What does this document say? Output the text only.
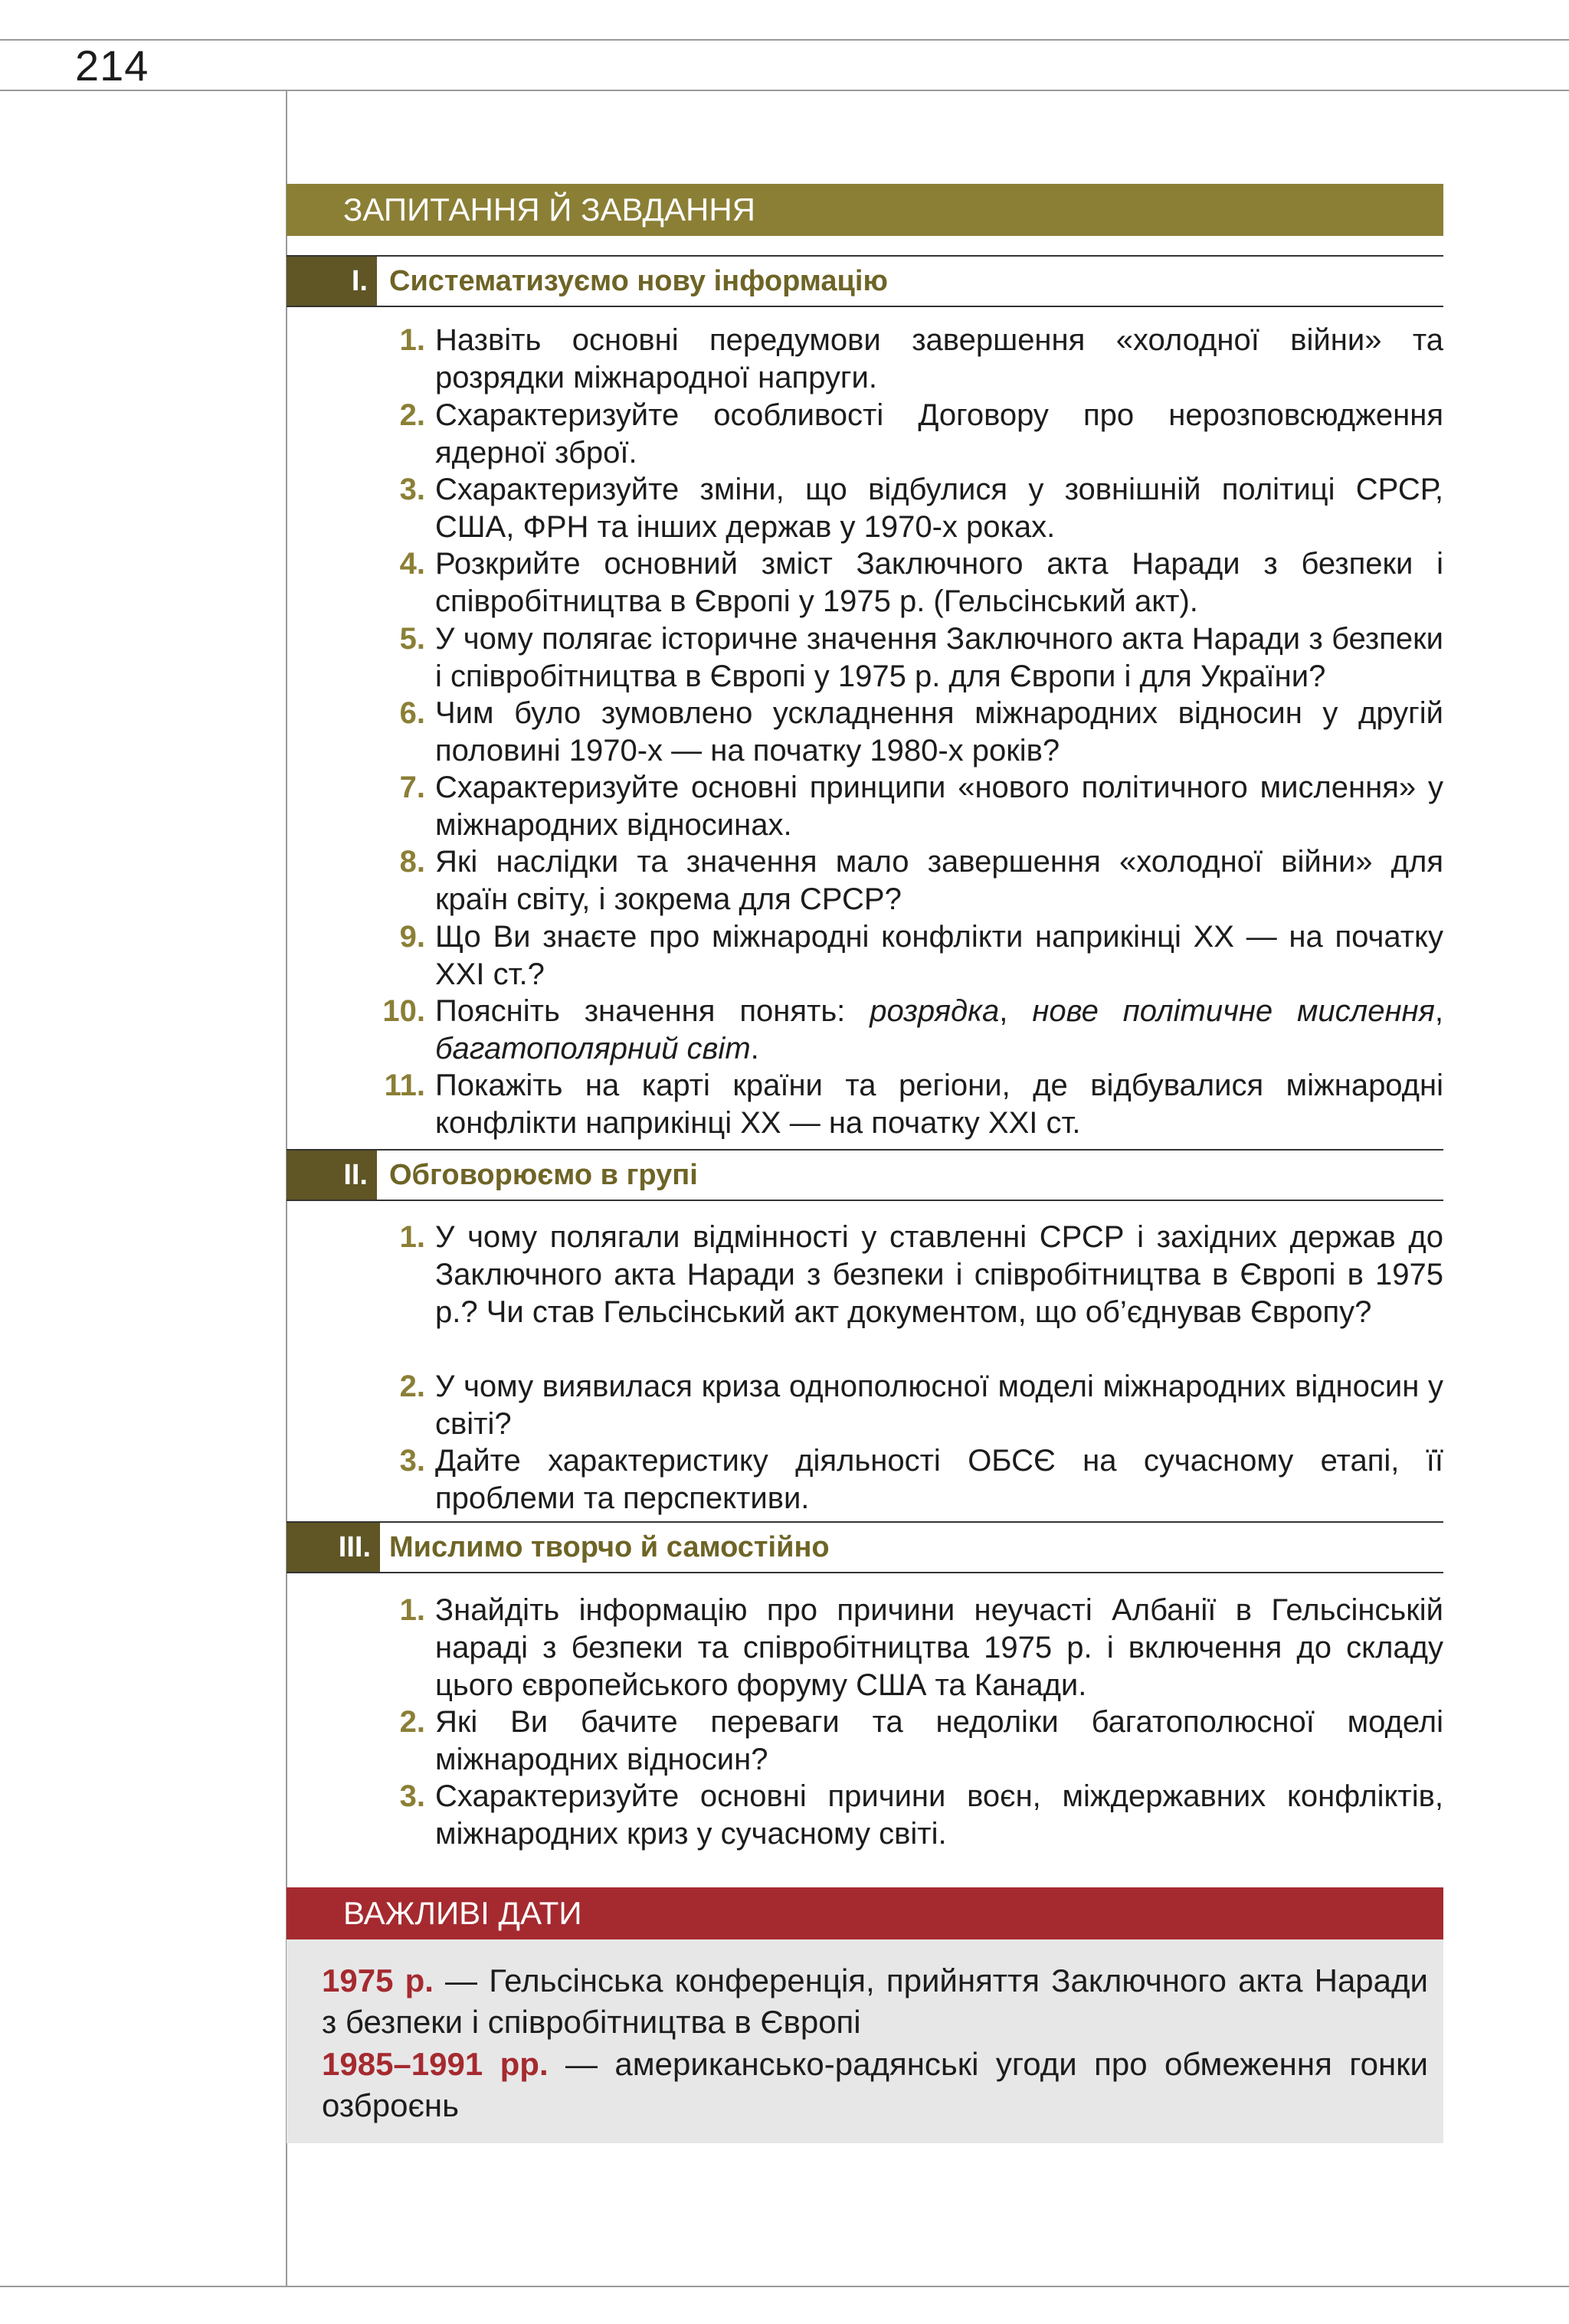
214
ЗАПИТАННЯ Й ЗАВДАННЯ
I. Систематизуємо нову інформацію
1. Назвіть основні передумови завершення «холодної війни» та розрядки міжнародної напруги.
2. Схарактеризуйте особливості Договору про нерозповсюдження ядерної зброї.
3. Схарактеризуйте зміни, що відбулися у зовнішній політиці СРСР, США, ФРН та інших держав у 1970-х роках.
4. Розкрийте основний зміст Заключного акта Наради з безпеки і співробітництва в Європі у 1975 р. (Гельсінський акт).
5. У чому полягає історичне значення Заключного акта Наради з безпеки і співробітництва в Європі у 1975 р. для Європи і для України?
6. Чим було зумовлено ускладнення міжнародних відносин у другій половині 1970-х — на початку 1980-х років?
7. Схарактеризуйте основні принципи «нового політичного мислення» у міжнародних відносинах.
8. Які наслідки та значення мало завершення «холодної війни» для країн світу, і зокрема для СРСР?
9. Що Ви знаєте про міжнародні конфлікти наприкінці ХХ — на початку ХХІ ст.?
10. Поясніть значення понять: розрядка, нове політичне мислення, багатополярний світ.
11. Покажіть на карті країни та регіони, де відбувалися міжнародні конфлікти наприкінці ХХ — на початку ХХІ ст.
II. Обговорюємо в групі
1. У чому полягали відмінності у ставленні СРСР і західних держав до Заключного акта Наради з безпеки і співробітництва в Європі в 1975 р.? Чи став Гельсінський акт документом, що об’єднував Європу?
2. У чому виявилася криза однополюсної моделі міжнародних відносин у світі?
3. Дайте характеристику діяльності ОБСЄ на сучасному етапі, її проблеми та перспективи.
III. Мислимо творчо й самостійно
1. Знайдіть інформацію про причини неучасті Албанії в Гельсінській нараді з безпеки та співробітництва 1975 р. і включення до складу цього європейського форуму США та Канади.
2. Які Ви бачите переваги та недоліки багатополюсної моделі міжнародних відносин?
3. Схарактеризуйте основні причини воєн, міждержавних конфліктів, міжнародних криз у сучасному світі.
ВАЖЛИВІ ДАТИ
1975 р. — Гельсінська конференція, прийняття Заключного акта Наради з безпеки і співробітництва в Європі
1985–1991 рр. — американсько-радянські угоди про обмеження гонки озброєнь
